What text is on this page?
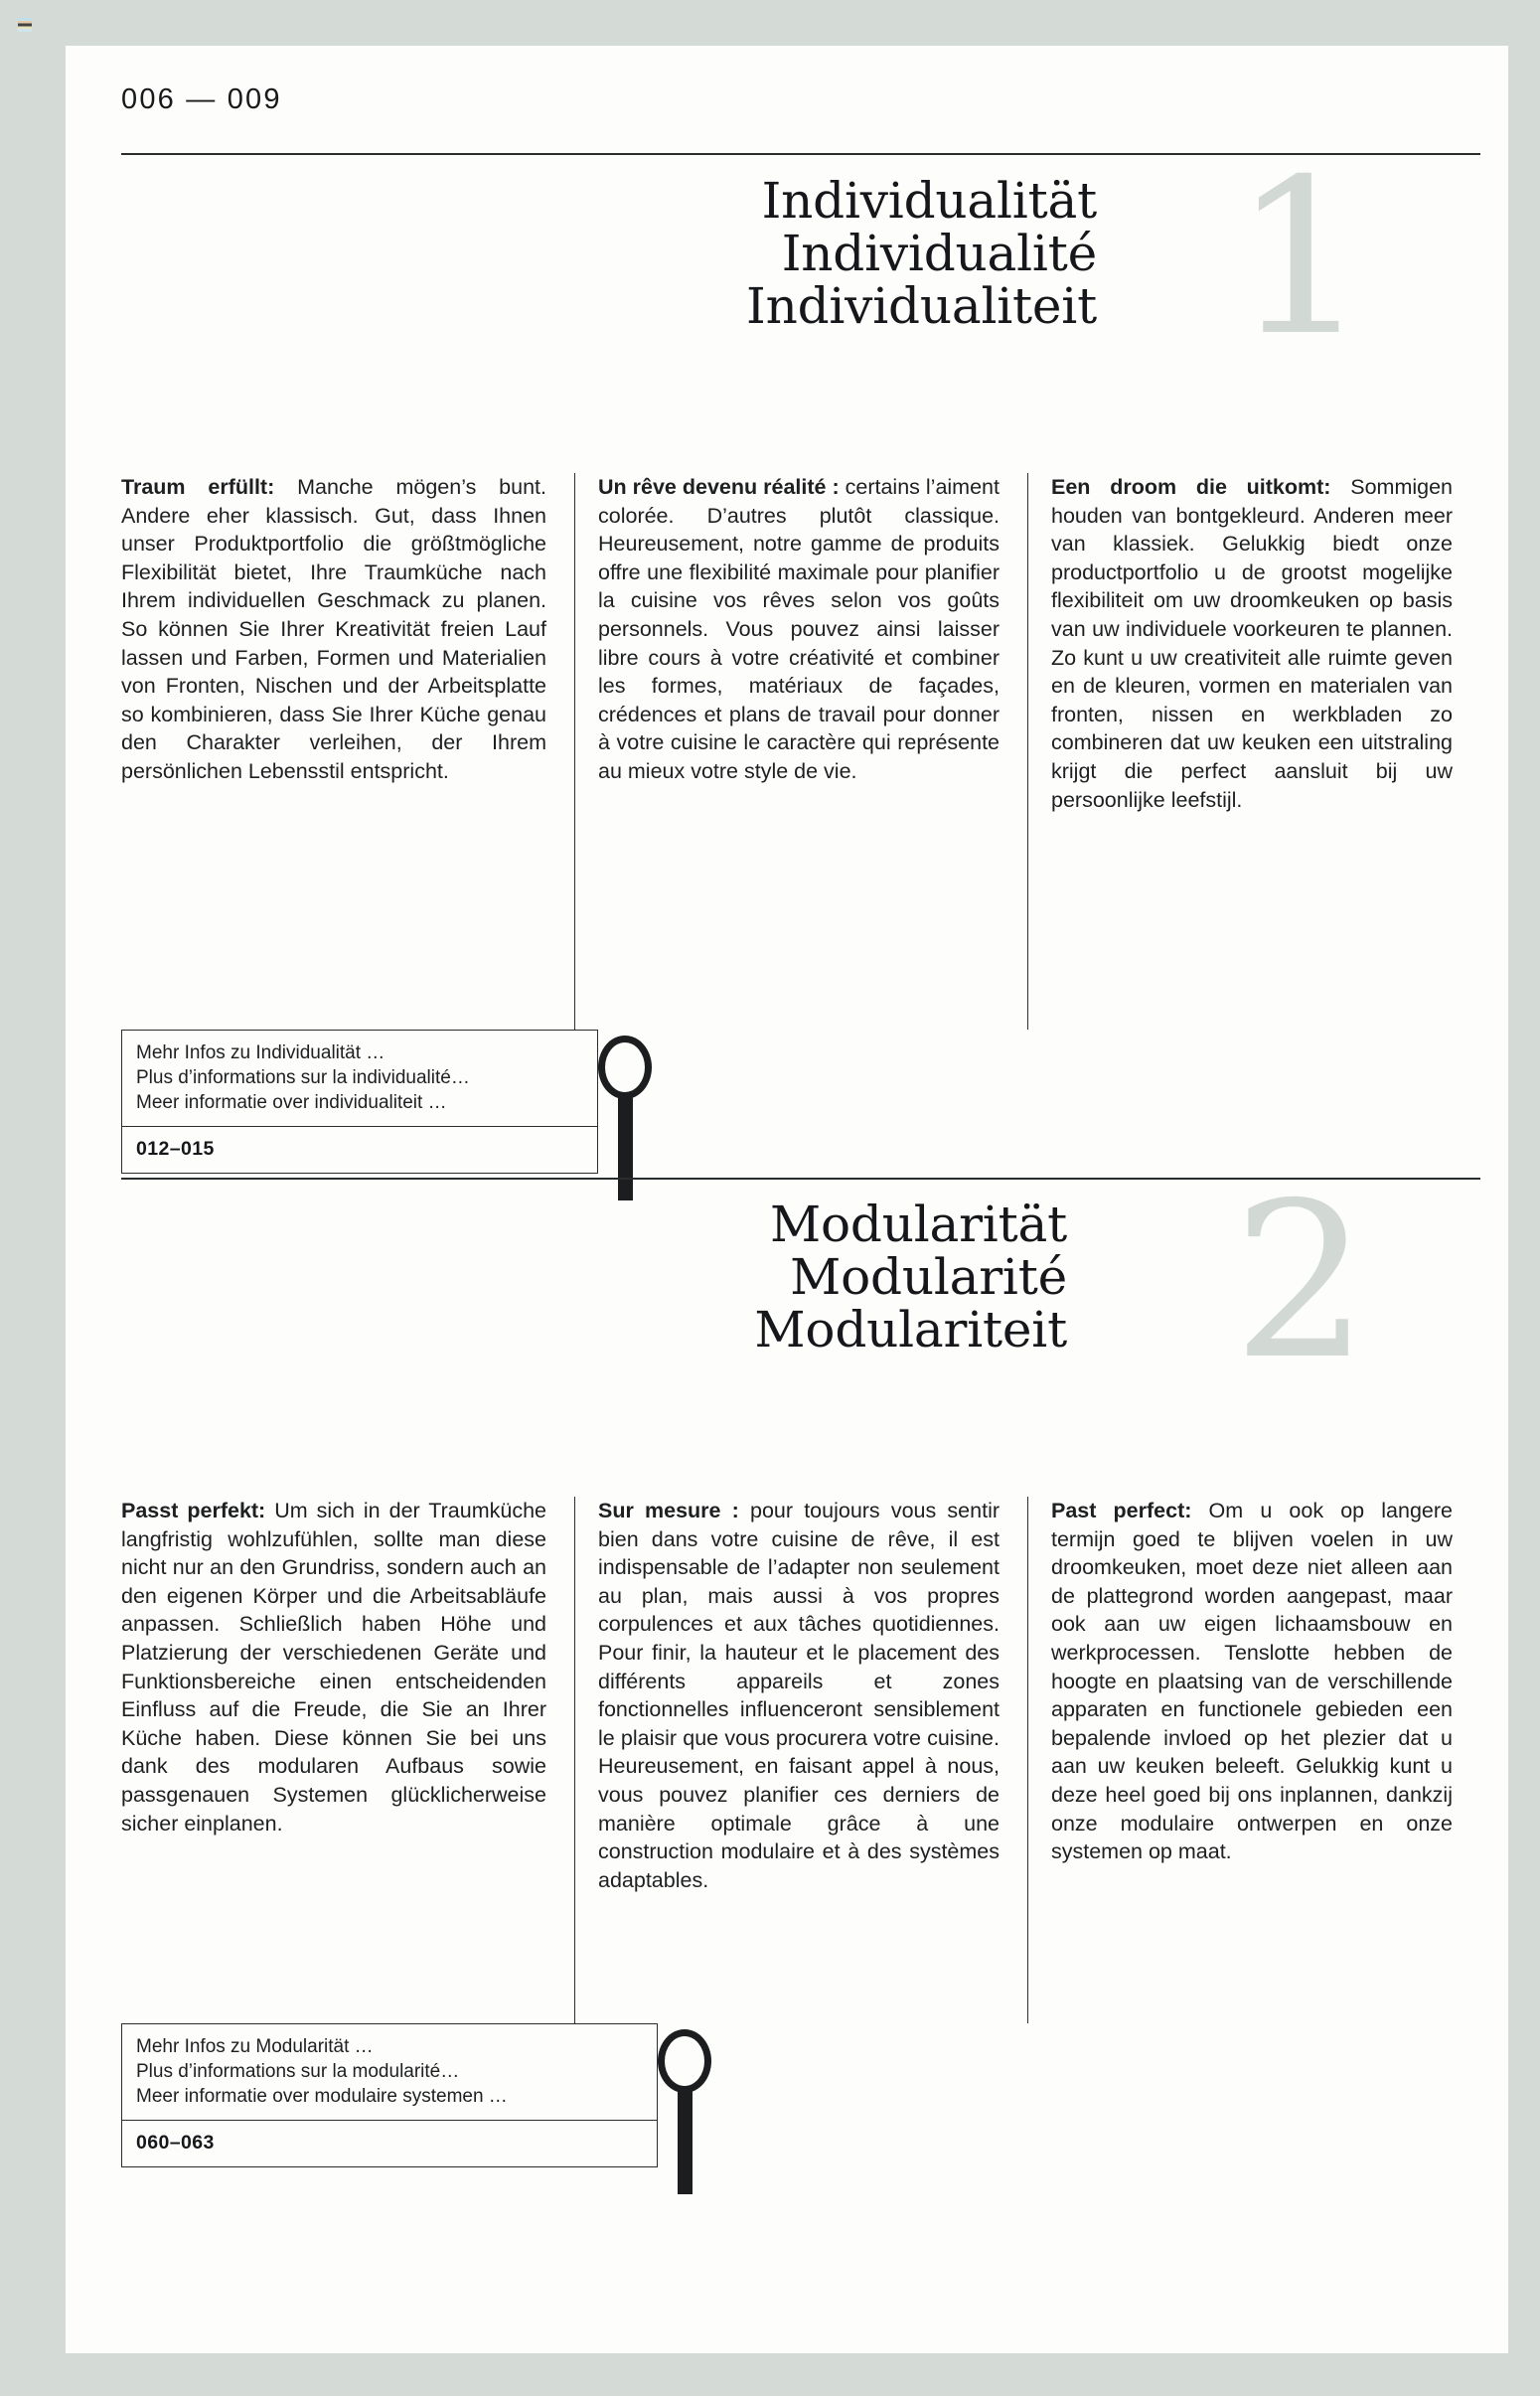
006 — 009
Individualität
Individualité
Individualiteit 1

Traum erfüllt: Manche mögen’s bunt. Andere eher klassisch. Gut, dass Ihnen unser Produktportfolio die größtmögliche Flexibilität bietet, Ihre Traumküche nach Ihrem individuellen Geschmack zu planen. So können Sie Ihrer Kreativität freien Lauf lassen und Farben, Formen und Materialien von Fronten, Nischen und der Arbeitsplatte so kombinieren, dass Sie Ihrer Küche genau den Charakter verleihen, der Ihrem persönlichen Lebensstil entspricht.

Un rêve devenu réalité : certains l’aiment colorée. D’autres plutôt classique. Heureusement, notre gamme de produits offre une flexibilité maximale pour planifier la cuisine vos rêves selon vos goûts personnels. Vous pouvez ainsi laisser libre cours à votre créativité et combiner les formes, matériaux de façades, crédences et plans de travail pour donner à votre cuisine le caractère qui représente au mieux votre style de vie.

Een droom die uitkomt: Sommigen houden van bontgekleurd. Anderen meer van klassiek. Gelukkig biedt onze productportfolio u de grootst mogelijke flexibiliteit om uw droomkeuken op basis van uw individuele voorkeuren te plannen. Zo kunt u uw creativiteit alle ruimte geven en de kleuren, vormen en materialen van fronten, nissen en werkbladen zo combineren dat uw keuken een uitstraling krijgt die perfect aansluit bij uw persoonlijke leefstijl.

Mehr Infos zu Individualität …
Plus d’informations sur la individualité…
Meer informatie over individualiteit …
012–015
Modularität
Modularité
Modulariteit 2

Passt perfekt: Um sich in der Traumküche langfristig wohlzufühlen, sollte man diese nicht nur an den Grundriss, sondern auch an den eigenen Körper und die Arbeitsabläufe anpassen. Schließlich haben Höhe und Platzierung der verschiedenen Geräte und Funktionsbereiche einen entscheidenden Einfluss auf die Freude, die Sie an Ihrer Küche haben. Diese können Sie bei uns dank des modularen Aufbaus sowie passgenauen Systemen glücklicherweise sicher einplanen.

Sur mesure : pour toujours vous sentir bien dans votre cuisine de rêve, il est indispensable de l’adapter non seulement au plan, mais aussi à vos propres corpulences et aux tâches quotidiennes. Pour finir, la hauteur et le placement des différents appareils et zones fonctionnelles influenceront sensiblement le plaisir que vous procurera votre cuisine. Heureusement, en faisant appel à nous, vous pouvez planifier ces derniers de manière optimale grâce à une construction modulaire et à des systèmes adaptables.

Past perfect: Om u ook op langere termijn goed te blijven voelen in uw droomkeuken, moet deze niet alleen aan de plattegrond worden aangepast, maar ook aan uw eigen lichaamsbouw en werkprocessen. Tenslotte hebben de hoogte en plaatsing van de verschillende apparaten en functionele gebieden een bepalende invloed op het plezier dat u aan uw keuken beleeft. Gelukkig kunt u deze heel goed bij ons inplannen, dankzij onze modulaire ontwerpen en onze systemen op maat.

Mehr Infos zu Modularität …
Plus d’informations sur la modularité…
Meer informatie over modulaire systemen …
060–063
